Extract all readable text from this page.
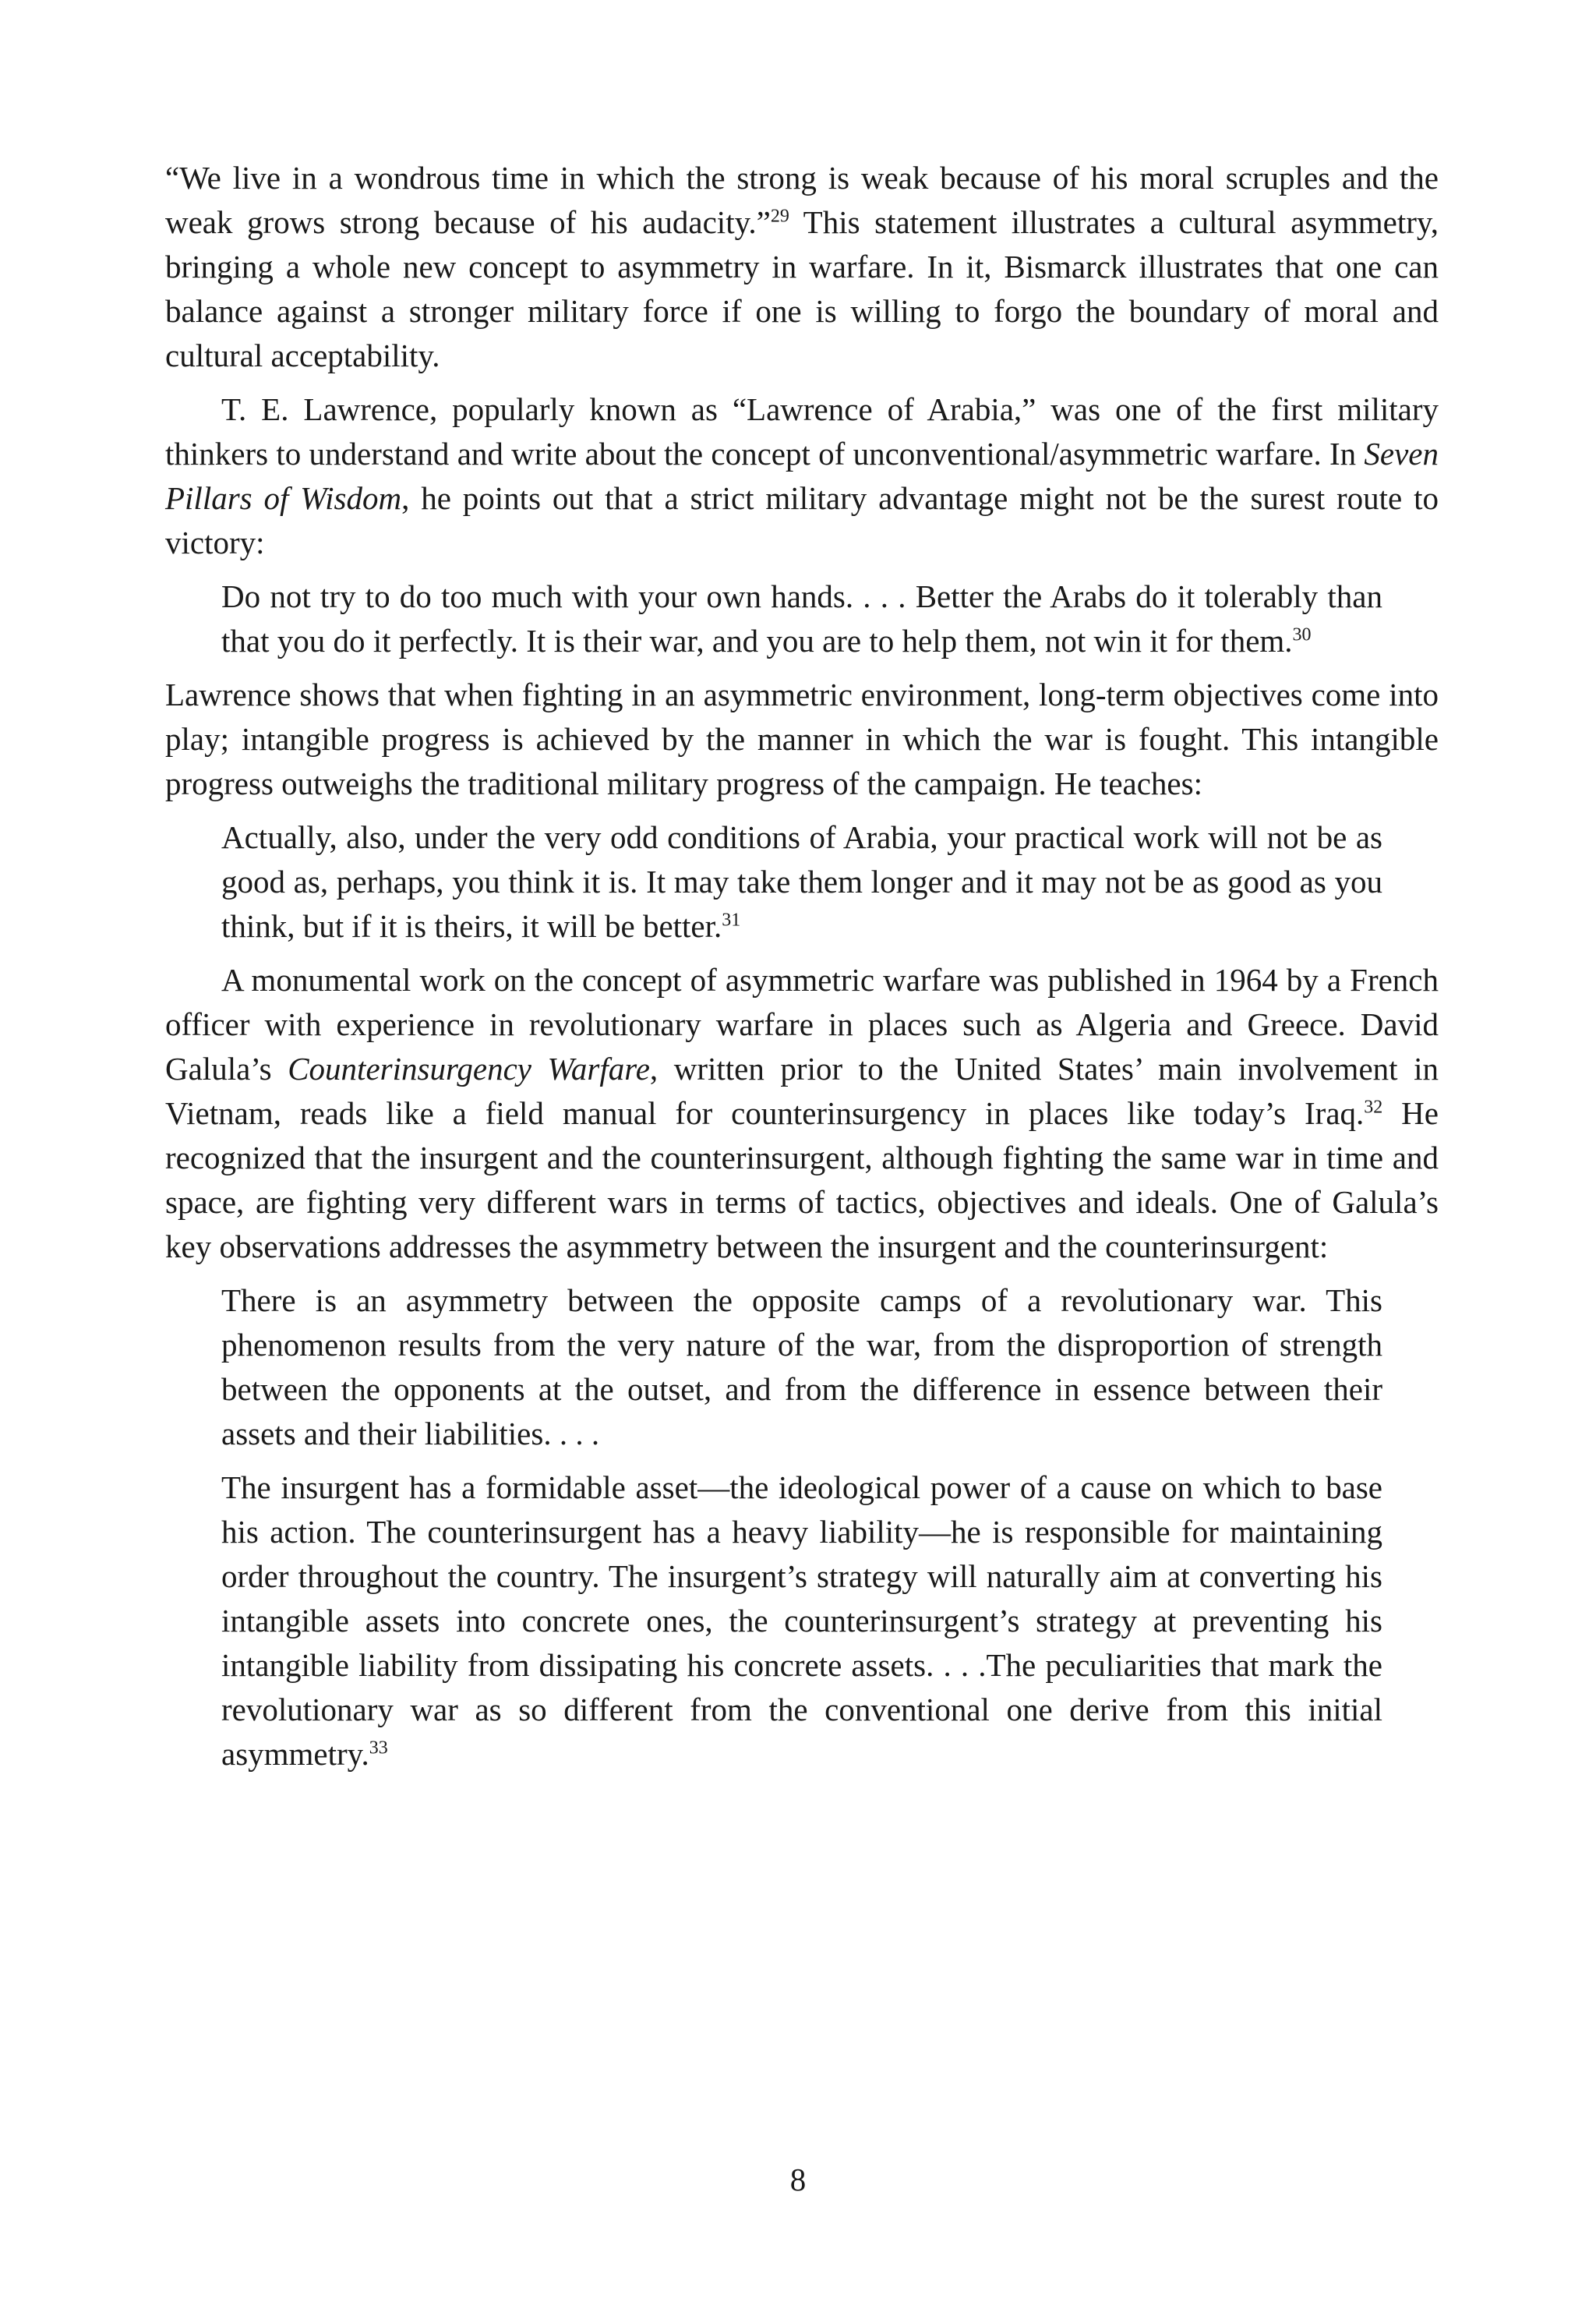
“We live in a wondrous time in which the strong is weak because of his moral scruples and the weak grows strong because of his audacity.”$^{29}$ This statement illustrates a cultural asymmetry, bringing a whole new concept to asymmetry in warfare. In it, Bismarck illustrates that one can balance against a stronger military force if one is willing to forgo the boundary of moral and cultural acceptability.

T. E. Lawrence, popularly known as “Lawrence of Arabia,” was one of the first military thinkers to understand and write about the concept of unconventional/asymmetric warfare. In Seven Pillars of Wisdom, he points out that a strict military advantage might not be the surest route to victory:

Do not try to do too much with your own hands. . . . Better the Arabs do it tolerably than that you do it perfectly. It is their war, and you are to help them, not win it for them.$^{30}$

Lawrence shows that when fighting in an asymmetric environment, long-term objectives come into play; intangible progress is achieved by the manner in which the war is fought. This intangible progress outweighs the traditional military progress of the campaign. He teaches:

Actually, also, under the very odd conditions of Arabia, your practical work will not be as good as, perhaps, you think it is. It may take them longer and it may not be as good as you think, but if it is theirs, it will be better.$^{31}$

A monumental work on the concept of asymmetric warfare was published in 1964 by a French officer with experience in revolutionary warfare in places such as Algeria and Greece. David Galula’s Counterinsurgency Warfare, written prior to the United States’ main involvement in Vietnam, reads like a field manual for counterinsurgency in places like today’s Iraq.$^{32}$ He recognized that the insurgent and the counterinsurgent, although fighting the same war in time and space, are fighting very different wars in terms of tactics, objectives and ideals. One of Galula’s key observations addresses the asymmetry between the insurgent and the counterinsurgent:

There is an asymmetry between the opposite camps of a revolutionary war. This phenomenon results from the very nature of the war, from the disproportion of strength between the opponents at the outset, and from the difference in essence between their assets and their liabilities. . . .

The insurgent has a formidable asset—the ideological power of a cause on which to base his action. The counterinsurgent has a heavy liability—he is responsible for maintaining order throughout the country. The insurgent’s strategy will naturally aim at converting his intangible assets into concrete ones, the counterinsurgent’s strategy at preventing his intangible liability from dissipating his concrete assets. . . .The peculiarities that mark the revolutionary war as so different from the conventional one derive from this initial asymmetry.$^{33}$

8
